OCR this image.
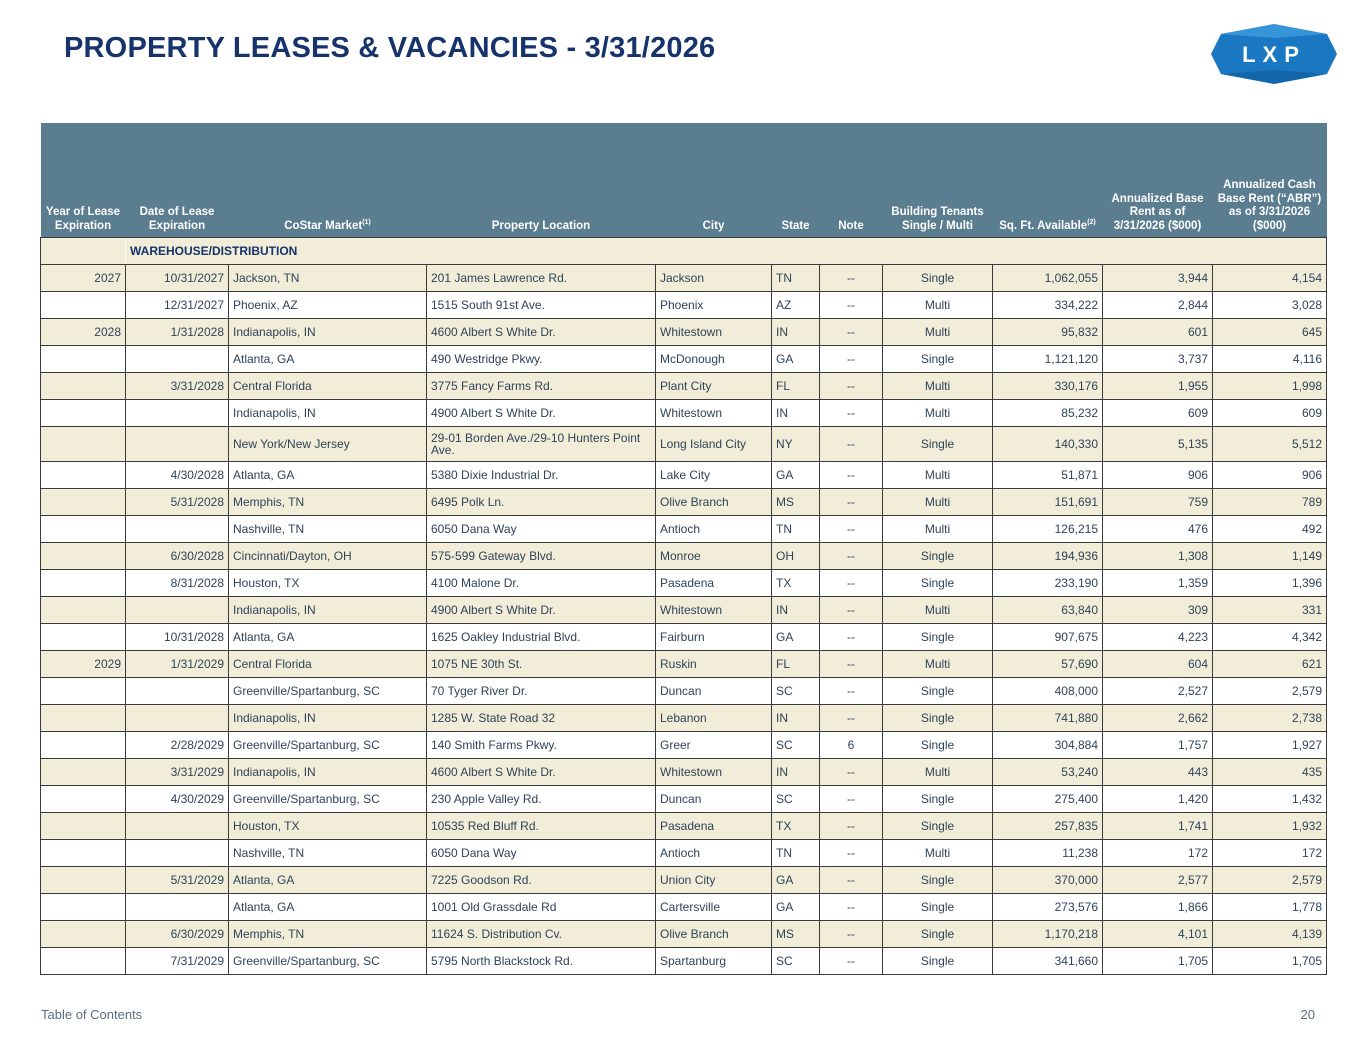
PROPERTY LEASES & VACANCIES - 3/31/2026	LXP
Year of Lease Expiration	Date of Lease Expiration	CoStar Market$^{(1)}$	Property Location	City	State	Note	Building Tenants Single / Multi	Sq. Ft. Available$^{(2)}$	Annualized Base Rent as of 3/31/2026 ($000)	Annualized Cash Base Rent (“ABR”) as of 3/31/2026 ($000)
	WAREHOUSE/DISTRIBUTION									
2027	10/31/2027	Jackson, TN	201 James Lawrence Rd.	Jackson	TN	--	Single	1,062,055	3,944	4,154
	12/31/2027	Phoenix, AZ	1515 South 91st Ave.	Phoenix	AZ	--	Multi	334,222	2,844	3,028
2028	1/31/2028	Indianapolis, IN	4600 Albert S White Dr.	Whitestown	IN	--	Multi	95,832	601	645
		Atlanta, GA	490 Westridge Pkwy.	McDonough	GA	--	Single	1,121,120	3,737	4,116
	3/31/2028	Central Florida	3775 Fancy Farms Rd.	Plant City	FL	--	Multi	330,176	1,955	1,998
		Indianapolis, IN	4900 Albert S White Dr.	Whitestown	IN	--	Multi	85,232	609	609
		New York/New Jersey	29-01 Borden Ave./29-10 Hunters Point Ave.	Long Island City	NY	--	Single	140,330	5,135	5,512
	4/30/2028	Atlanta, GA	5380 Dixie Industrial Dr.	Lake City	GA	--	Multi	51,871	906	906
	5/31/2028	Memphis, TN	6495 Polk Ln.	Olive Branch	MS	--	Multi	151,691	759	789
		Nashville, TN	6050 Dana Way	Antioch	TN	--	Multi	126,215	476	492
	6/30/2028	Cincinnati/Dayton, OH	575-599 Gateway Blvd.	Monroe	OH	--	Single	194,936	1,308	1,149
	8/31/2028	Houston, TX	4100 Malone Dr.	Pasadena	TX	--	Single	233,190	1,359	1,396
		Indianapolis, IN	4900 Albert S White Dr.	Whitestown	IN	--	Multi	63,840	309	331
	10/31/2028	Atlanta, GA	1625 Oakley Industrial Blvd.	Fairburn	GA	--	Single	907,675	4,223	4,342
2029	1/31/2029	Central Florida	1075 NE 30th St.	Ruskin	FL	--	Multi	57,690	604	621
		Greenville/Spartanburg, SC	70 Tyger River Dr.	Duncan	SC	--	Single	408,000	2,527	2,579
		Indianapolis, IN	1285 W. State Road 32	Lebanon	IN	--	Single	741,880	2,662	2,738
	2/28/2029	Greenville/Spartanburg, SC	140 Smith Farms Pkwy.	Greer	SC	6	Single	304,884	1,757	1,927
	3/31/2029	Indianapolis, IN	4600 Albert S White Dr.	Whitestown	IN	--	Multi	53,240	443	435
	4/30/2029	Greenville/Spartanburg, SC	230 Apple Valley Rd.	Duncan	SC	--	Single	275,400	1,420	1,432
		Houston, TX	10535 Red Bluff Rd.	Pasadena	TX	--	Single	257,835	1,741	1,932
		Nashville, TN	6050 Dana Way	Antioch	TN	--	Multi	11,238	172	172
	5/31/2029	Atlanta, GA	7225 Goodson Rd.	Union City	GA	--	Single	370,000	2,577	2,579
		Atlanta, GA	1001 Old Grassdale Rd	Cartersville	GA	--	Single	273,576	1,866	1,778
	6/30/2029	Memphis, TN	11624 S. Distribution Cv.	Olive Branch	MS	--	Single	1,170,218	4,101	4,139
	7/31/2029	Greenville/Spartanburg, SC	5795 North Blackstock Rd.	Spartanburg	SC	--	Single	341,660	1,705	1,705
Table of Contents	20
